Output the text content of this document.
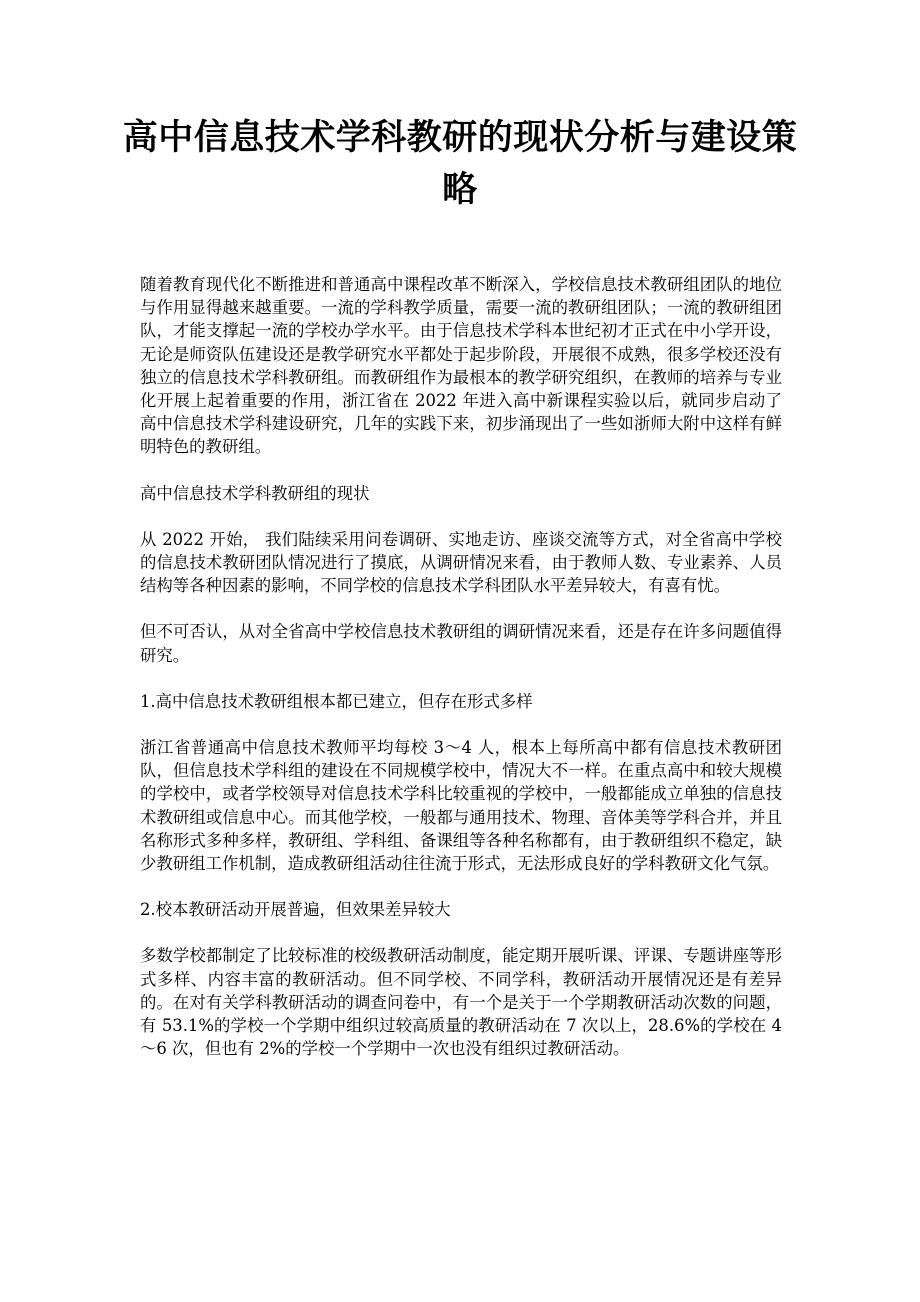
高中信息技术学科教研的现状分析与建设策略

随着教育现代化不断推进和普通高中课程改革不断深入，学校信息技术教研组团队的地位与作用显得越来越重要。一流的学科教学质量，需要一流的教研组团队；一流的教研组团队，才能支撑起一流的学校办学水平。由于信息技术学科本世纪初才正式在中小学开设，无论是师资队伍建设还是教学研究水平都处于起步阶段，开展很不成熟，很多学校还没有独立的信息技术学科教研组。而教研组作为最根本的教学研究组织，在教师的培养与专业化开展上起着重要的作用，浙江省在 2022 年进入高中新课程实验以后，就同步启动了高中信息技术学科建设研究，几年的实践下来，初步涌现出了一些如浙师大附中这样有鲜明特色的教研组。

高中信息技术学科教研组的现状

从 2022 开始， 我们陆续采用问卷调研、实地走访、座谈交流等方式，对全省高中学校的信息技术教研团队情况进行了摸底，从调研情况来看，由于教师人数、专业素养、人员结构等各种因素的影响，不同学校的信息技术学科团队水平差异较大，有喜有忧。

但不可否认，从对全省高中学校信息技术教研组的调研情况来看，还是存在许多问题值得研究。

1.高中信息技术教研组根本都已建立，但存在形式多样

浙江省普通高中信息技术教师平均每校 3～4 人，根本上每所高中都有信息技术教研团队，但信息技术学科组的建设在不同规模学校中，情况大不一样。在重点高中和较大规模的学校中，或者学校领导对信息技术学科比较重视的学校中，一般都能成立单独的信息技术教研组或信息中心。而其他学校，一般都与通用技术、物理、音体美等学科合并，并且名称形式多种多样，教研组、学科组、备课组等各种名称都有，由于教研组织不稳定，缺少教研组工作机制，造成教研组活动往往流于形式，无法形成良好的学科教研文化气氛。

2.校本教研活动开展普遍，但效果差异较大

多数学校都制定了比较标准的校级教研活动制度，能定期开展听课、评课、专题讲座等形式多样、内容丰富的教研活动。但不同学校、不同学科，教研活动开展情况还是有差异的。在对有关学科教研活动的调查问卷中，有一个是关于一个学期教研活动次数的问题，有 53.1%的学校一个学期中组织过较高质量的教研活动在 7 次以上，28.6%的学校在 4～6 次，但也有 2%的学校一个学期中一次也没有组织过教研活动。
